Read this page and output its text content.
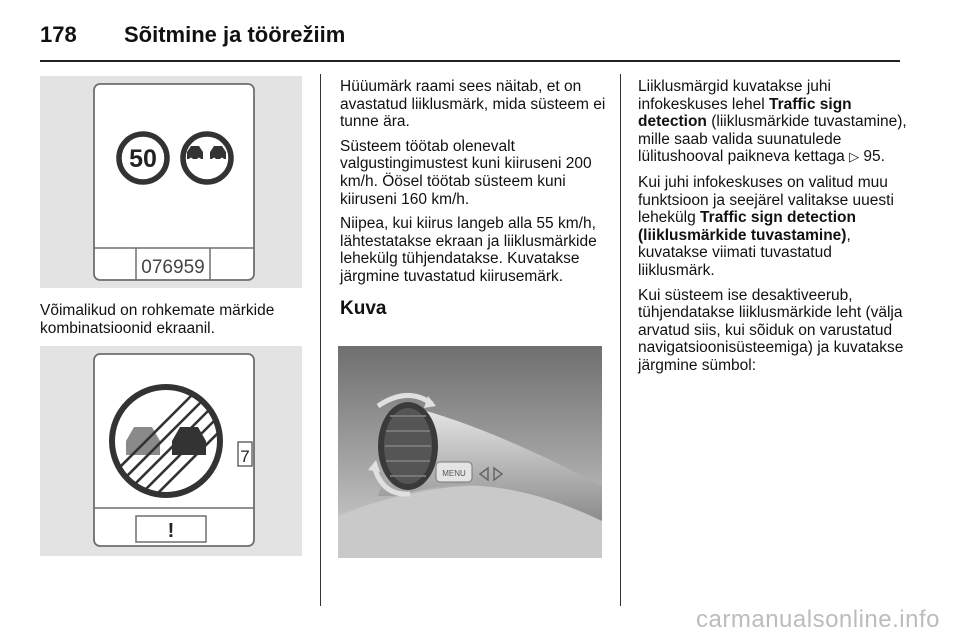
178 Sõitmine ja töörežiim
50
076959

Võimalikud on rohkemate märkide kombinatsioonid ekraanil.

7
!

Hüüumärk raami sees näitab, et on avastatud liiklusmärk, mida süsteem ei tunne ära.

Süsteem töötab olenevalt valgustingimustest kuni kiiruseni 200 km/h. Öösel töötab süsteem kuni kiiruseni 160 km/h.

Niipea, kui kiirus langeb alla 55 km/h, lähtestatakse ekraan ja liiklusmärkide lehekülg tühjendatakse. Kuvatakse järgmine tuvastatud kiirusemärk.

Kuva
MENU

Liiklusmärgid kuvatakse juhi infokeskuses lehel Traffic sign detection (liiklusmärkide tuvastamine), mille saab valida suunatulede lülitushooval paikneva kettaga ▷ 95.

Kui juhi infokeskuses on valitud muu funktsioon ja seejärel valitakse uuesti lehekülg Traffic sign detection (liiklusmärkide tuvastamine), kuvatakse viimati tuvastatud liiklusmärk.

Kui süsteem ise desaktiveerub, tühjendatakse liiklusmärkide leht (välja arvatud siis, kui sõiduk on varustatud navigatsioonisüsteemiga) ja kuvatakse järgmine sümbol:

carmanualsonline.info
